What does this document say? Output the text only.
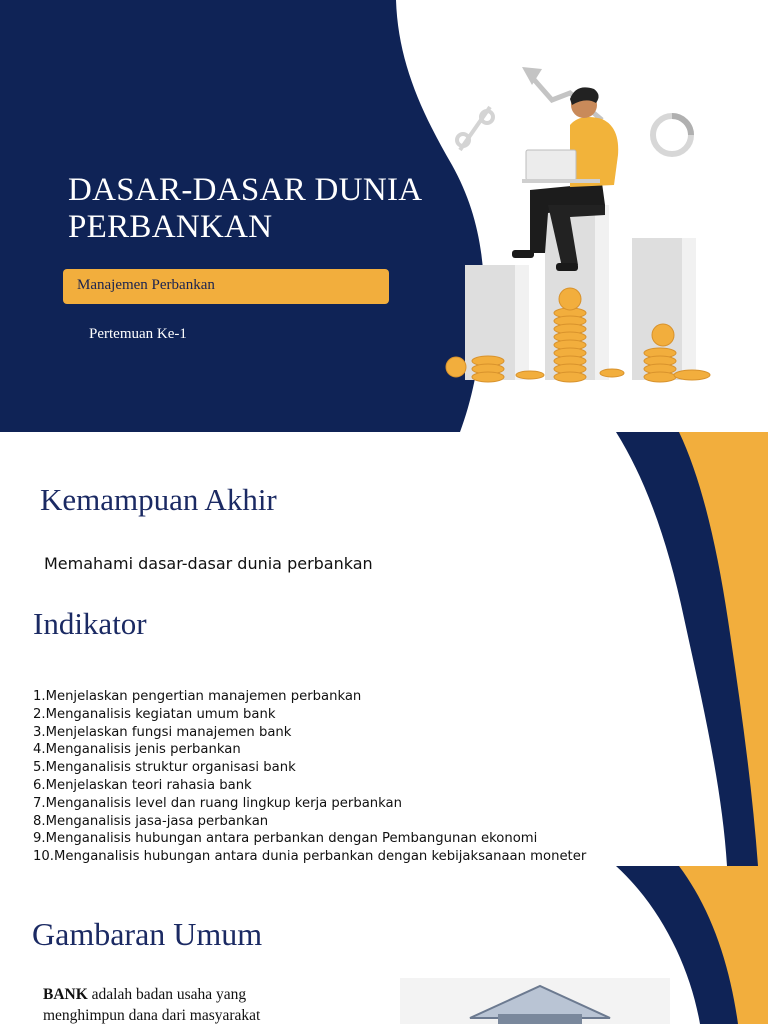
DASAR-DASAR DUNIA PERBANKAN
Manajemen Perbankan
Pertemuan Ke-1
Kemampuan Akhir
Memahami dasar-dasar dunia perbankan
Indikator
1.Menjelaskan pengertian manajemen perbankan
2.Menganalisis kegiatan umum bank
3.Menjelaskan fungsi manajemen bank
4.Menganalisis jenis perbankan
5.Menganalisis struktur organisasi bank
6.Menjelaskan teori rahasia bank
7.Menganalisis level dan ruang lingkup kerja perbankan
8.Menganalisis jasa-jasa perbankan
9.Menganalisis hubungan antara perbankan dengan Pembangunan ekonomi
10.Menganalisis hubungan antara dunia perbankan dengan kebijaksanaan moneter
Gambaran Umum
BANK adalah badan usaha yang
menghimpun dana dari masyarakat
